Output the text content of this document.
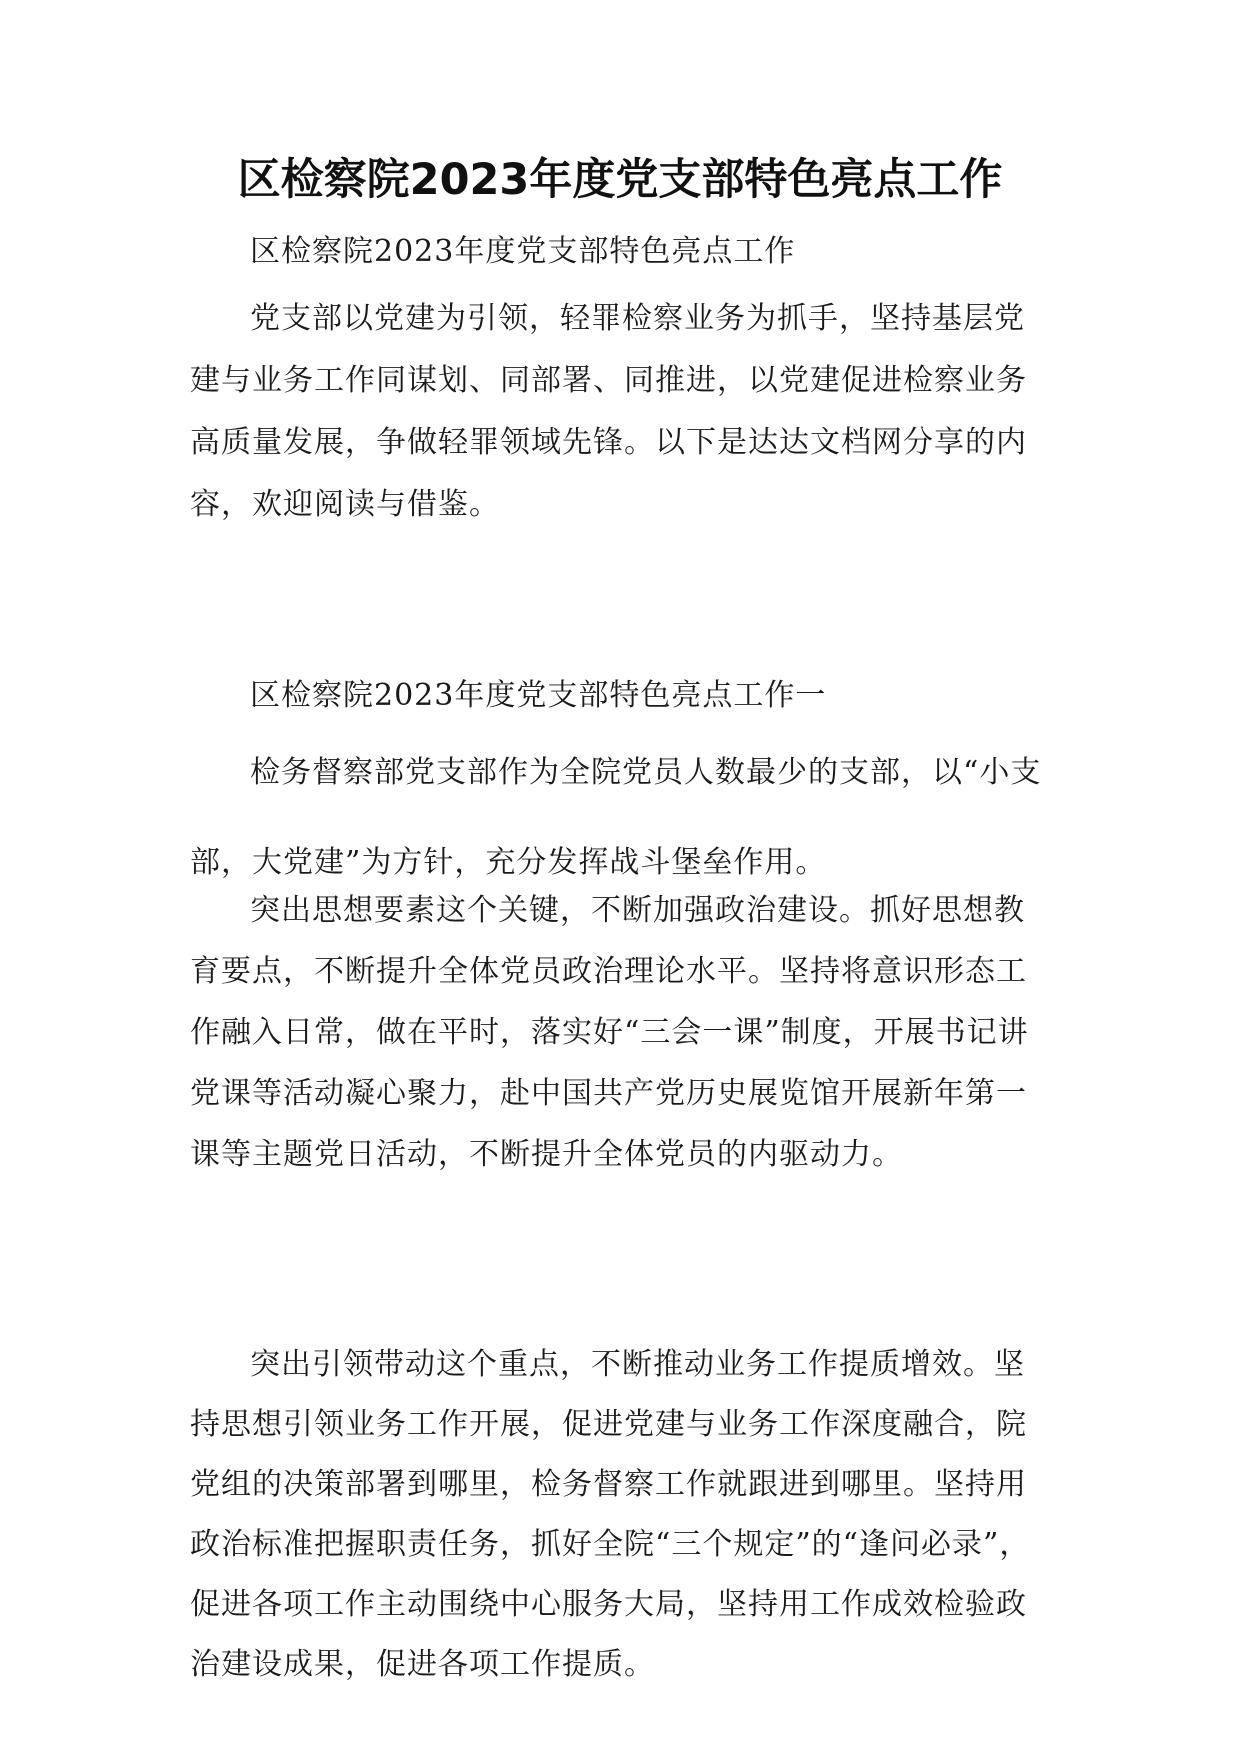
区检察院2023年度党支部特色亮点工作

区检察院2023年度党支部特色亮点工作

党支部以党建为引领，轻罪检察业务为抓手，坚持基层党建与业务工作同谋划、同部署、同推进，以党建促进检察业务高质量发展，争做轻罪领域先锋。以下是达达文档网分享的内容，欢迎阅读与借鉴。

区检察院2023年度党支部特色亮点工作一

检务督察部党支部作为全院党员人数最少的支部，以“小支部，大党建”为方针，充分发挥战斗堡垒作用。

突出思想要素这个关键，不断加强政治建设。抓好思想教育要点，不断提升全体党员政治理论水平。坚持将意识形态工作融入日常，做在平时，落实好“三会一课”制度，开展书记讲党课等活动凝心聚力，赴中国共产党历史展览馆开展新年第一课等主题党日活动，不断提升全体党员的内驱动力。

突出引领带动这个重点，不断推动业务工作提质增效。坚持思想引领业务工作开展，促进党建与业务工作深度融合，院党组的决策部署到哪里，检务督察工作就跟进到哪里。坚持用政治标准把握职责任务，抓好全院“三个规定”的“逢问必录”，促进各项工作主动围绕中心服务大局，坚持用工作成效检验政治建设成果，促进各项工作提质。
